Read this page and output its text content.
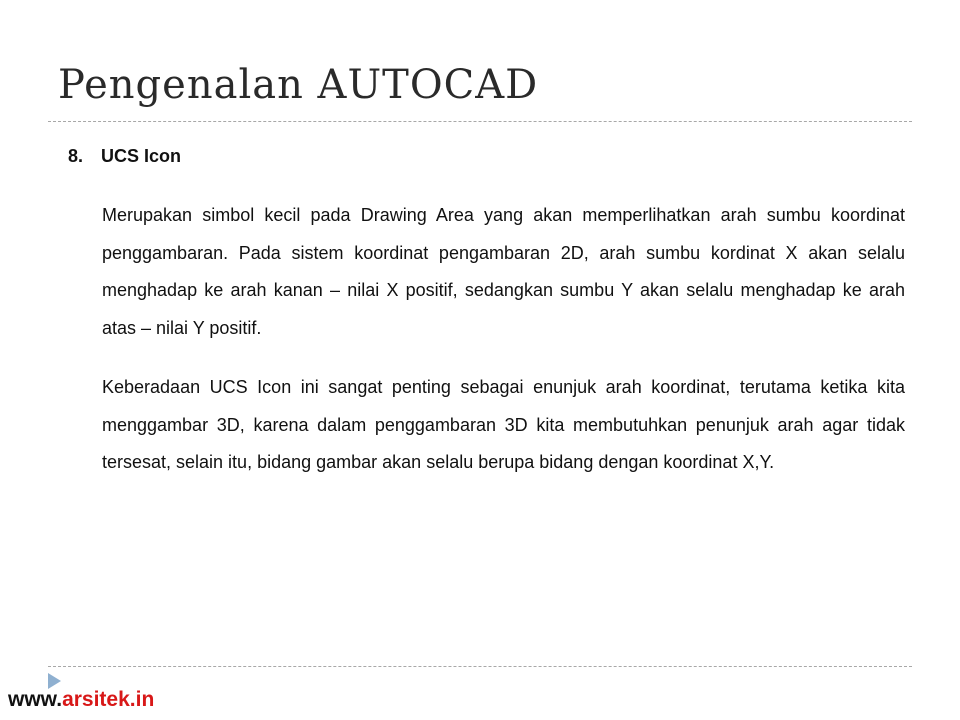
Pengenalan AUTOCAD
8. UCS Icon

Merupakan simbol kecil pada Drawing Area yang akan memperlihatkan arah sumbu koordinat penggambaran. Pada sistem koordinat pengambaran 2D, arah sumbu kordinat X akan selalu menghadap ke arah kanan – nilai X positif, sedangkan sumbu Y akan selalu menghadap ke arah atas – nilai Y positif.

Keberadaan UCS Icon ini sangat penting sebagai enunjuk arah koordinat, terutama ketika kita menggambar 3D, karena dalam penggambaran 3D kita membutuhkan penunjuk arah agar tidak tersesat, selain itu, bidang gambar akan selalu berupa bidang dengan koordinat X,Y.

www.arsitek.in
